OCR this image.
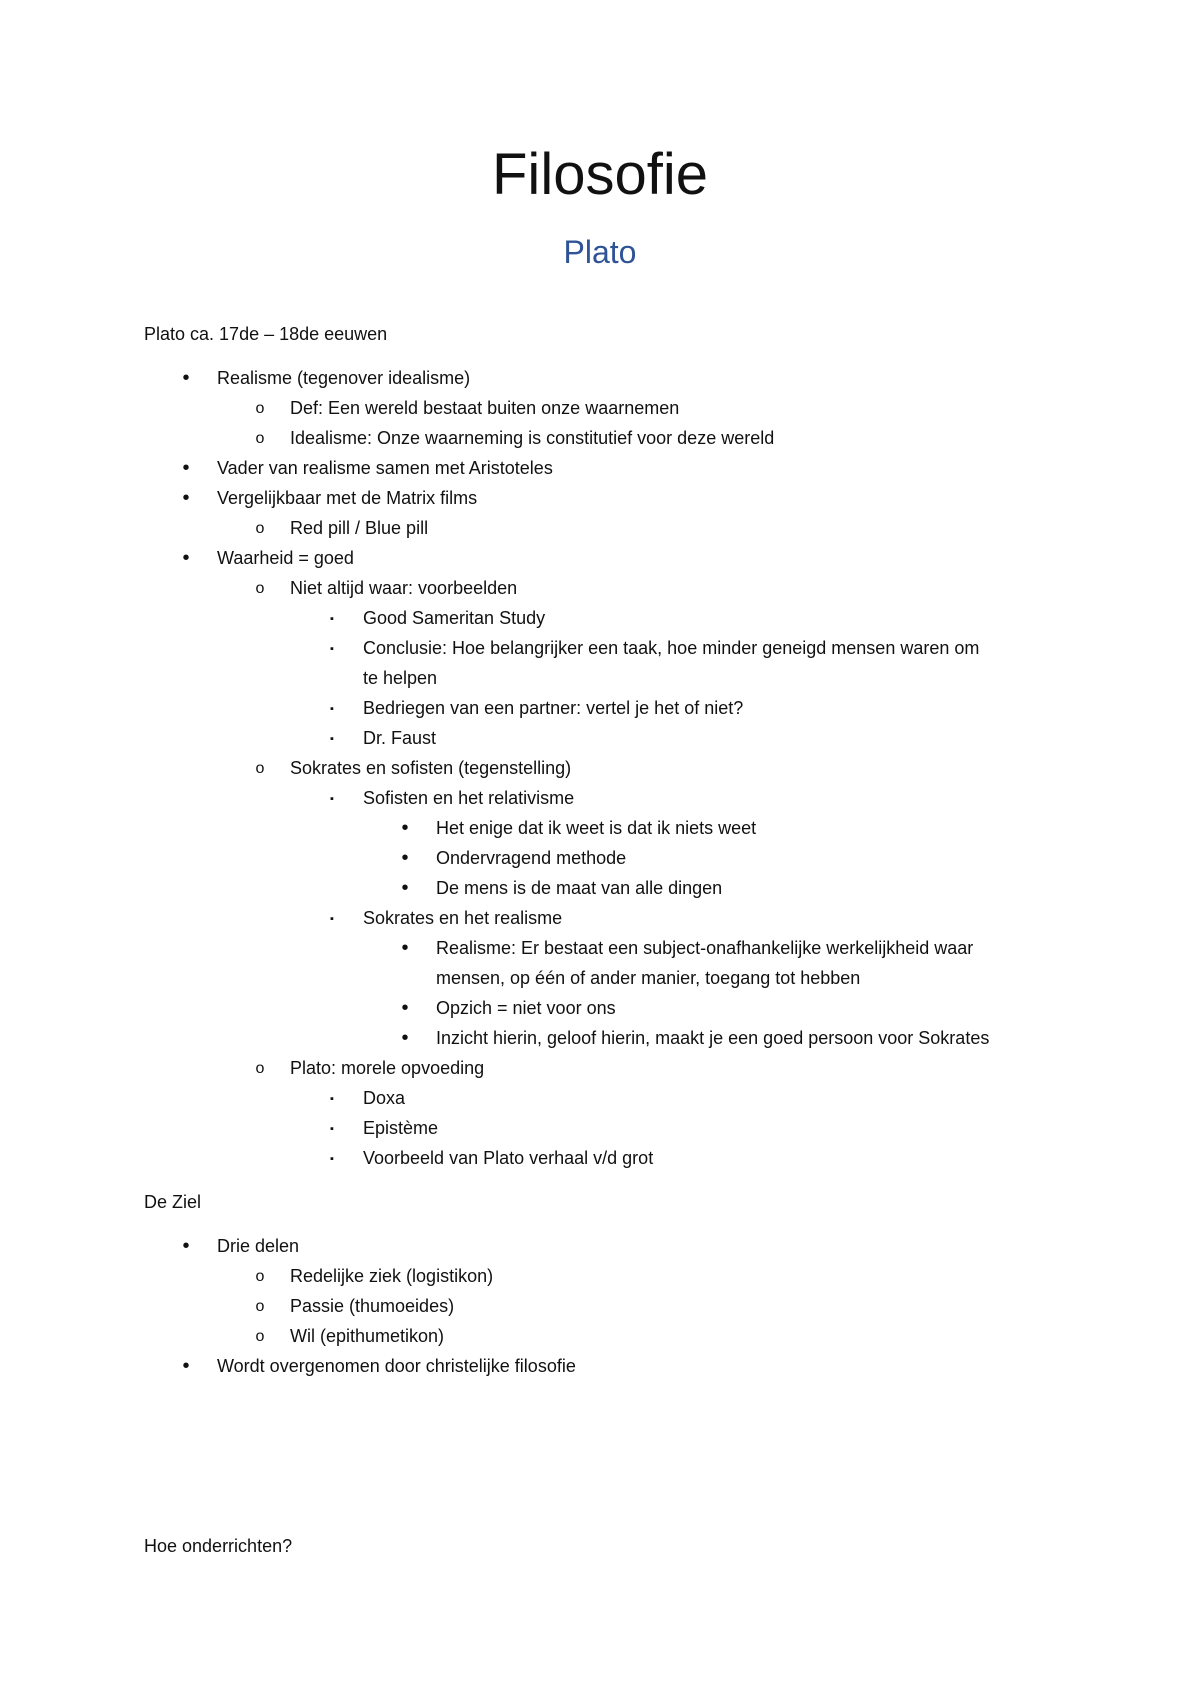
Filosofie
Plato
Plato ca. 17de – 18de eeuwen
•	Realisme (tegenover idealisme)
o	Def: Een wereld bestaat buiten onze waarnemen
o	Idealisme: Onze waarneming is constitutief voor deze wereld
•	Vader van realisme samen met Aristoteles
•	Vergelijkbaar met de Matrix films
o	Red pill / Blue pill
•	Waarheid = goed
o	Niet altijd waar: voorbeelden
▪	Good Sameritan Study
▪	Conclusie: Hoe belangrijker een taak, hoe minder geneigd mensen waren om
te helpen
▪	Bedriegen van een partner: vertel je het of niet?
▪	Dr. Faust
o	Sokrates en sofisten (tegenstelling)
▪	Sofisten en het relativisme
•	Het enige dat ik weet is dat ik niets weet
•	Ondervragend methode
•	De mens is de maat van alle dingen
▪	Sokrates en het realisme
•	Realisme: Er bestaat een subject-onafhankelijke werkelijkheid waar
mensen, op één of ander manier, toegang tot hebben
•	Opzich = niet voor ons
•	Inzicht hierin, geloof hierin, maakt je een goed persoon voor Sokrates
o	Plato: morele opvoeding
▪	Doxa
▪	Epistème
▪	Voorbeeld van Plato verhaal v/d grot
De Ziel
•	Drie delen
o	Redelijke ziek (logistikon)
o	Passie (thumoeides)
o	Wil (epithumetikon)
•	Wordt overgenomen door christelijke filosofie
Hoe onderrichten?
